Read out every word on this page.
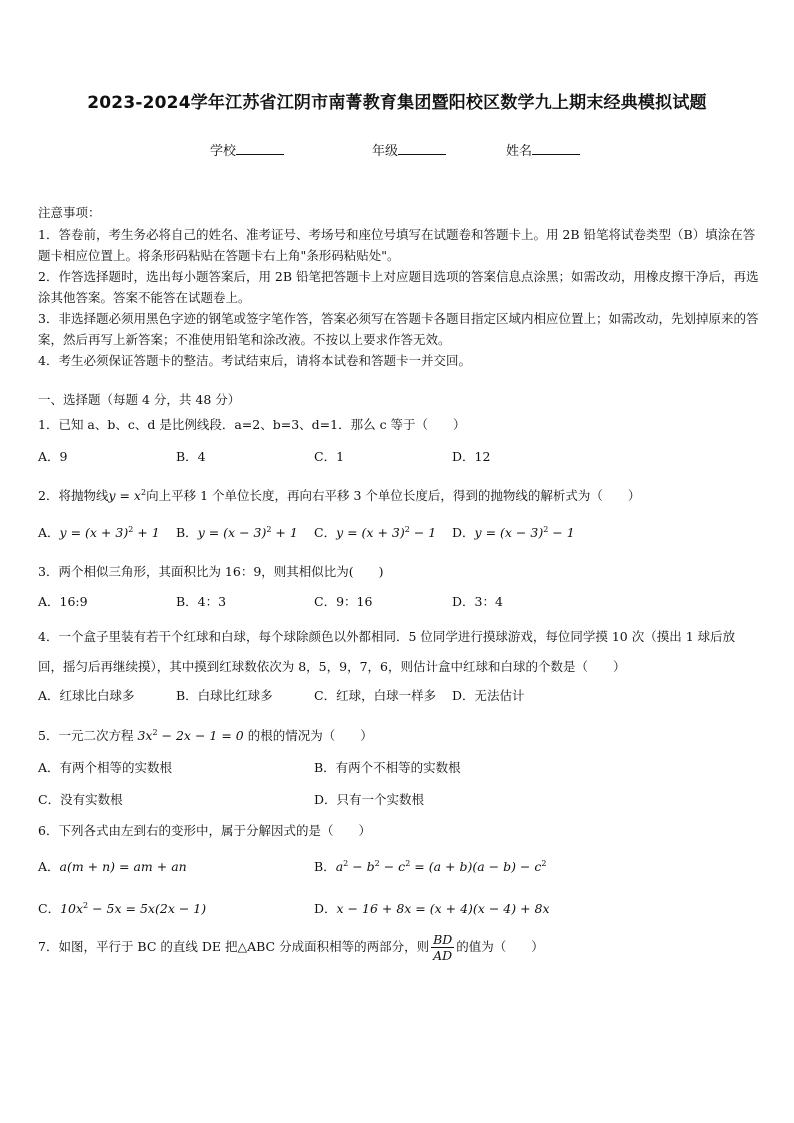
2023-2024学年江苏省江阴市南菁教育集团暨阳校区数学九上期末经典模拟试题
学校	年级	姓名

注意事项：

1．答卷前，考生务必将自己的姓名、准考证号、考场号和座位号填写在试题卷和答题卡上。用 2B 铅笔将试卷类型（B）填涂在答题卡相应位置上。将条形码粘贴在答题卡右上角"条形码粘贴处"。

2．作答选择题时，选出每小题答案后，用 2B 铅笔把答题卡上对应题目选项的答案信息点涂黑；如需改动，用橡皮擦干净后，再选涂其他答案。答案不能答在试题卷上。

3．非选择题必须用黑色字迹的钢笔或签字笔作答，答案必须写在答题卡各题目指定区域内相应位置上；如需改动，先划掉原来的答案，然后再写上新答案；不准使用铅笔和涂改液。不按以上要求作答无效。

4．考生必须保证答题卡的整洁。考试结束后，请将本试卷和答题卡一并交回。

一、选择题（每题 4 分，共 48 分）
1．已知 a、b、c、d 是比例线段．a=2、b=3、d=1．那么 c 等于（　　）
A．9	B．4	C．1	D．12
2．将抛物线$y = x^2$向上平移 1 个单位长度，再向右平移 3 个单位长度后，得到的抛物线的解析式为（　　）
A．$y = (x + 3)^2 + 1$ B．$y = (x - 3)^2 + 1$ C．$y = (x + 3)^2 - 1$ D．$y = (x - 3)^2 - 1$
3．两个相似三角形，其面积比为 16：9，则其相似比为(　　)
A．16:9	B．4：3	C．9：16	D．3：4
4．一个盒子里装有若干个红球和白球，每个球除颜色以外都相同．5 位同学进行摸球游戏，每位同学摸 10 次（摸出 1 球后放回，摇匀后再继续摸），其中摸到红球数依次为 8，5，9，7，6，则估计盒中红球和白球的个数是（　　）
A．红球比白球多	B．白球比红球多	C．红球，白球一样多 D．无法估计
5．一元二次方程 $3x^2 - 2x - 1 = 0$ 的根的情况为（　　）
A．有两个相等的实数根	B．有两个不相等的实数根
C．没有实数根	D．只有一个实数根
6．下列各式由左到右的变形中，属于分解因式的是（　　）
A．a(m + n) = am + an	B．$a^2 - b^2 - c^2 = (a + b)(a - b) - c^2$
C．$10x^2 - 5x = 5x(2x - 1)$	D．x − 16 + 8x = (x + 4)(x − 4) + 8x
7．如图，平行于 BC 的直线 DE 把△ABC 分成面积相等的两部分，则 $\frac{BD}{AD}$ 的值为（　　）
